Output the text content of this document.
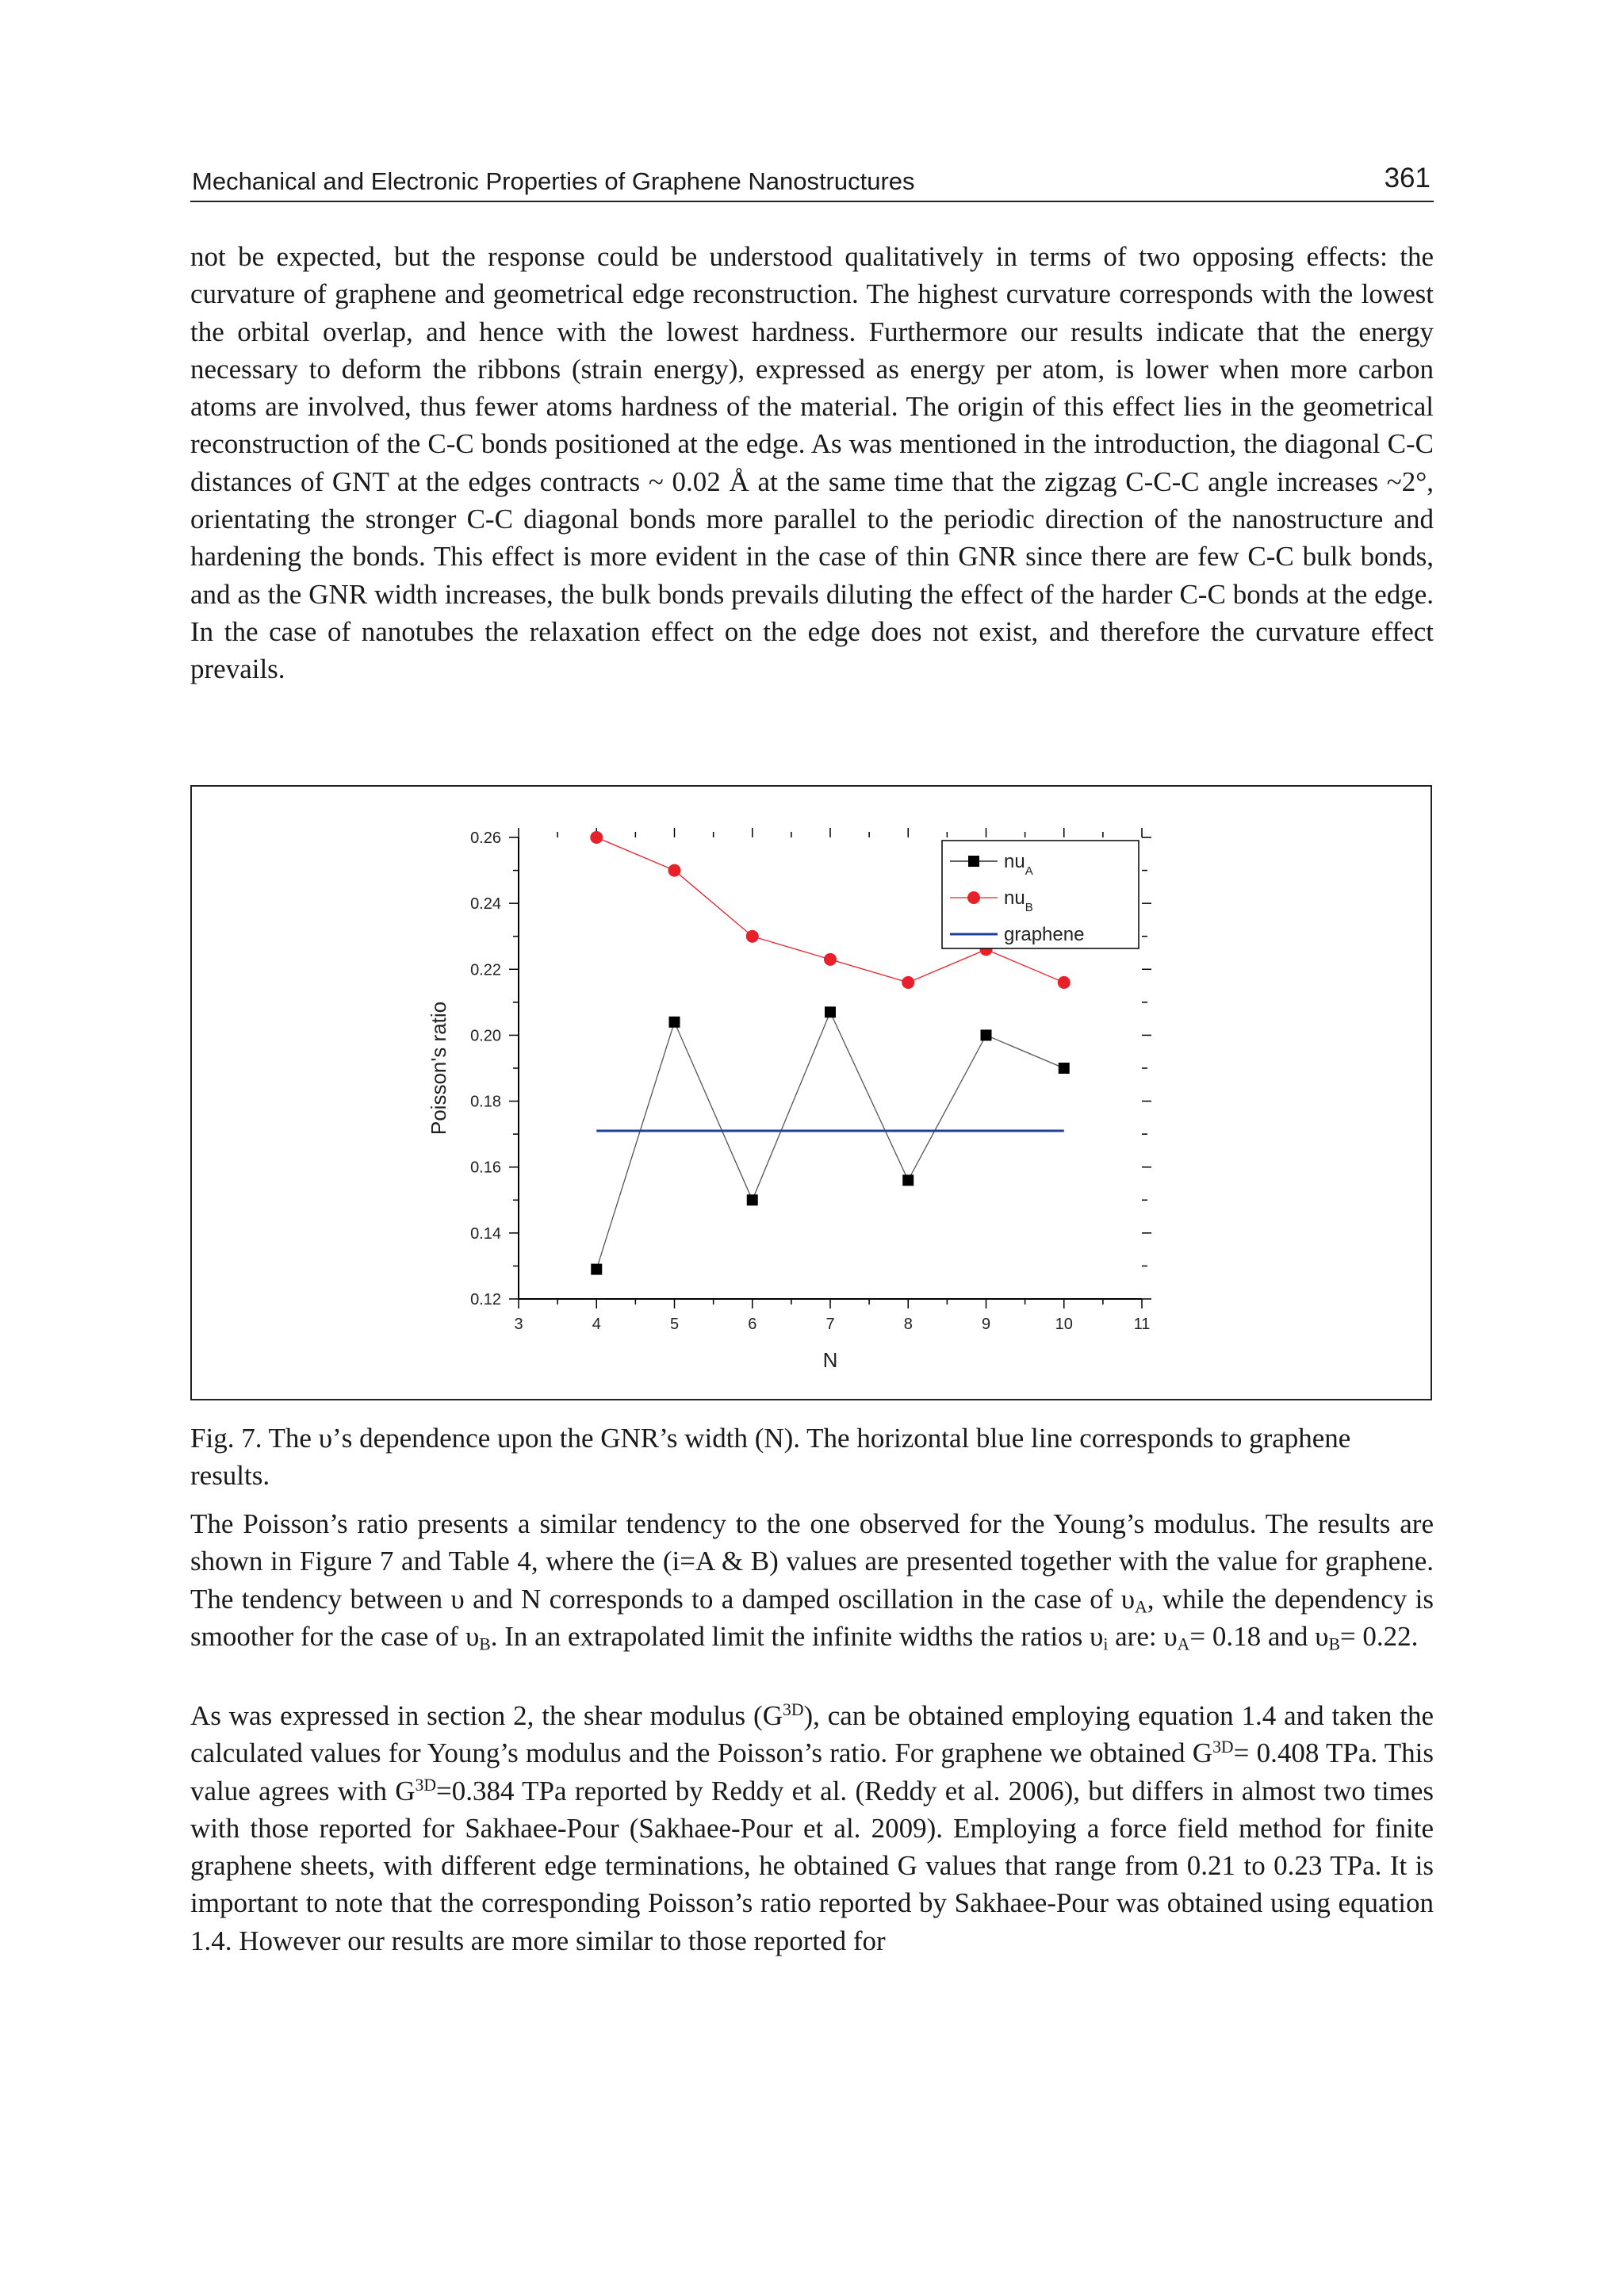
Mechanical and Electronic Properties of Graphene Nanostructures	361
not be expected, but the response could be understood qualitatively in terms of two opposing effects: the curvature of graphene and geometrical edge reconstruction. The highest curvature corresponds with the lowest the orbital overlap, and hence with the lowest hardness. Furthermore our results indicate that the energy necessary to deform the ribbons (strain energy), expressed as energy per atom, is lower when more carbon atoms are involved, thus fewer atoms hardness of the material. The origin of this effect lies in the geometrical reconstruction of the C-C bonds positioned at the edge. As was mentioned in the introduction, the diagonal C-C distances of GNT at the edges contracts ~ 0.02 Å at the same time that the zigzag C-C-C angle increases ~2°, orientating the stronger C-C diagonal bonds more parallel to the periodic direction of the nanostructure and hardening the bonds. This effect is more evident in the case of thin GNR since there are few C-C bulk bonds, and as the GNR width increases, the bulk bonds prevails diluting the effect of the harder C-C bonds at the edge. In the case of nanotubes the relaxation effect on the edge does not exist, and therefore the curvature effect prevails.
0.12
0.14
0.16
0.18
0.20
0.22
0.24
0.26
3	4	5	6	7	8	9	10	11
N
Poisson's ratio
$nu_A$
$nu_B$
graphene
Fig. 7. The υ’s dependence upon the GNR’s width (N). The horizontal blue line corresponds to graphene results.
The Poisson’s ratio presents a similar tendency to the one observed for the Young’s modulus. The results are shown in Figure 7 and Table 4, where the (i=A & B) values are presented together with the value for graphene. The tendency between υ and N corresponds to a damped oscillation in the case of $\upsilon_A$, while the dependency is smoother for the case of $\upsilon_B$. In an extrapolated limit the infinite widths the ratios $\upsilon_i$ are: $\upsilon_A= 0.18$ and $\upsilon_B= 0.22$.
As was expressed in section 2, the shear modulus $(G^{3D})$, can be obtained employing equation 1.4 and taken the calculated values for Young’s modulus and the Poisson’s ratio. For graphene we obtained $G^{3D}= 0.408$ TPa. This value agrees with $G^{3D}=0.384$ TPa reported by Reddy et al. (Reddy et al. 2006), but differs in almost two times with those reported for Sakhaee-Pour (Sakhaee-Pour et al. 2009). Employing a force field method for finite graphene sheets, with different edge terminations, he obtained G values that range from 0.21 to 0.23 TPa. It is important to note that the corresponding Poisson’s ratio reported by Sakhaee-Pour was obtained using equation 1.4. However our results are more similar to those reported for
